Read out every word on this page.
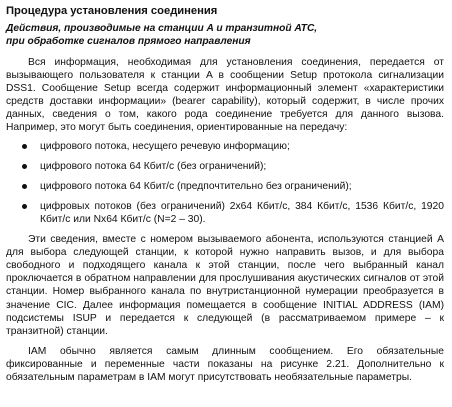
Процедура установления соединения
Действия, производимые на станции A и транзитной АТС,
при обработке сигналов прямого направления

Вся информация, необходимая для установления соединения, передается от вызывающего пользователя к станции A в сообщении Setup протокола сигнализации DSS1. Сообщение Setup всегда содержит информационный элемент «характеристики средств доставки информации» (bearer capability), который содержит, в числе прочих данных, сведения о том, какого рода соединение требуется для данного вызова. Например, это могут быть соединения, ориентированные на передачу:

цифрового потока, несущего речевую информацию;
цифрового потока 64 Кбит/с (без ограничений);
цифрового потока 64 Кбит/с (предпочтительно без ограничений);
цифровых потоков (без ограничений) 2x64 Кбит/с, 384 Кбит/с, 1536 Кбит/с, 1920 Кбит/с или Nx64 Кбит/с (N=2 – 30).

Эти сведения, вместе с номером вызываемого абонента, используются станцией A для выбора следующей станции, к которой нужно направить вызов, и для выбора свободного и подходящего канала к этой станции, после чего выбранный канал проключается в обратном направлении для прослушивания акустических сигналов от этой станции. Номер выбранного канала по внутристанционной нумерации преобразуется в значение CIC. Далее информация помещается в сообщение INITIAL ADDRESS (IAM) подсистемы ISUP и передается к следующей (в рассматриваемом примере – к транзитной) станции.

IAM обычно является самым длинным сообщением. Его обязательные фиксированные и переменные части показаны на рисунке 2.21. Дополнительно к обязательным параметрам в IAM могут присутствовать необязательные параметры.
